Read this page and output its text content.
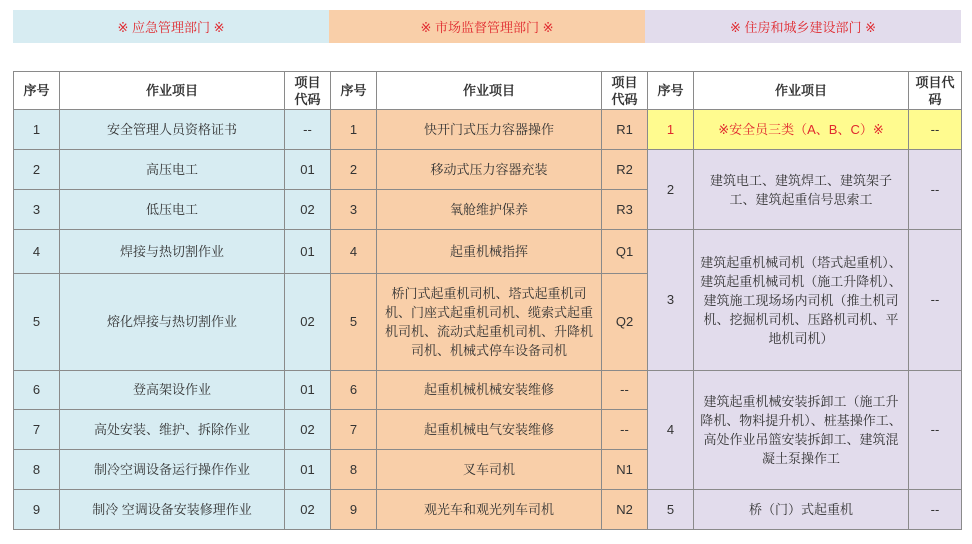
※ 应急管理部门 ※	※ 市场监督管理部门 ※	※ 住房和城乡建设部门 ※
序号	作业项目	项目代码	序号	作业项目	项目代码	序号	作业项目	项目代码
1	安全管理人员资格证书	--	1	快开门式压力容器操作	R1	1	※安全员三类（A、B、C）※	--
2	高压电工	01	2	移动式压力容器充装	R2	2	建筑电工、建筑焊工、建筑架子工、建筑起重信号思索工	--
3	低压电工	02	3	氧舱维护保养	R3			
4	焊接与热切割作业	01	4	起重机械指挥	Q1	3	建筑起重机械司机（塔式起重机）、建筑起重机械司机（施工升降机）、建筑施工现场场内司机（推土机司机、挖掘机司机、压路机司机、平地机司机）	--
5	熔化焊接与热切割作业	02	5	桥门式起重机司机、塔式起重机司机、门座式起重机司机、缆索式起重机司机、流动式起重机司机、升降机司机、机械式停车设备司机	Q2			
6	登高架设作业	01	6	起重机械机械安装维修	--	4	建筑起重机械安装拆卸工（施工升降机、物料提升机）、桩基操作工、高处作业吊篮安装拆卸工、建筑混凝土泵操作工	--
7	高处安装、维护、拆除作业	02	7	起重机械电气安装维修	--			
8	制冷空调设备运行操作作业	01	8	叉车司机	N1			
9	制冷 空调设备安装修理作业	02	9	观光车和观光列车司机	N2	5	桥（门）式起重机	--
